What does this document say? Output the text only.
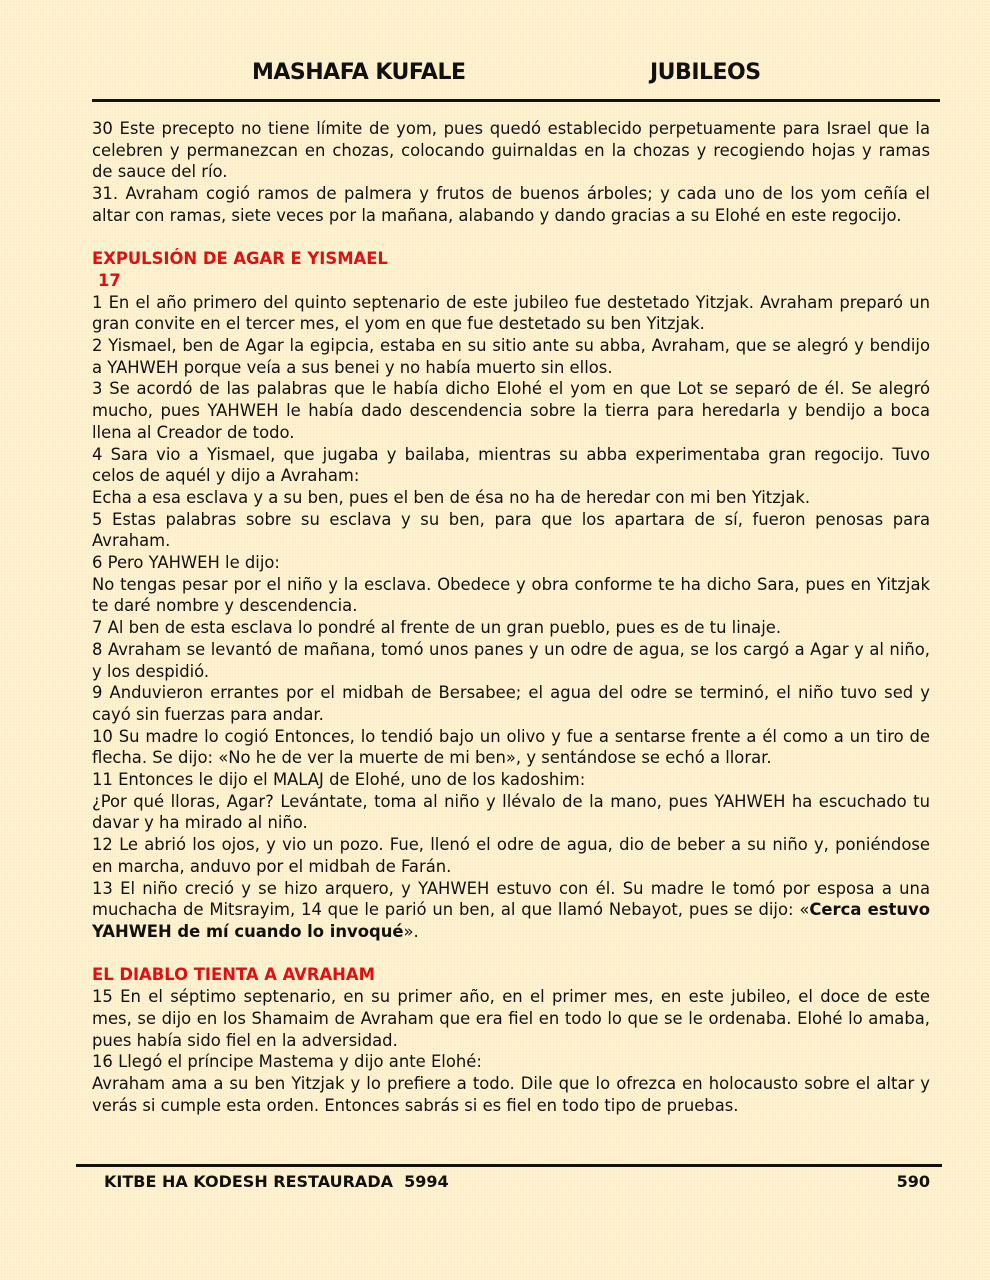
MASHAFA KUFALE	JUBILEOS

30 Este precepto no tiene límite de yom, pues quedó establecido perpetuamente para Israel que la celebren y permanezcan en chozas, colocando guirnaldas en la chozas y recogiendo hojas y ramas de sauce del río.

31. Avraham cogió ramos de palmera y frutos de buenos árboles; y cada uno de los yom ceñía el altar con ramas, siete veces por la mañana, alabando y dando gracias a su Elohé en este regocijo.

EXPULSIÓN DE AGAR E YISMAEL

17

1 En el año primero del quinto septenario de este jubileo fue destetado Yitzjak. Avraham preparó un gran convite en el tercer mes, el yom en que fue destetado su ben Yitzjak.

2 Yismael, ben de Agar la egipcia, estaba en su sitio ante su abba, Avraham, que se alegró y bendijo a YAHWEH porque veía a sus benei y no había muerto sin ellos.

3 Se acordó de las palabras que le había dicho Elohé el yom en que Lot se separó de él. Se alegró mucho, pues YAHWEH le había dado descendencia sobre la tierra para heredarla y bendijo a boca llena al Creador de todo.

4 Sara vio a Yismael, que jugaba y bailaba, mientras su abba experimentaba gran regocijo. Tuvo celos de aquél y dijo a Avraham:

Echa a esa esclava y a su ben, pues el ben de ésa no ha de heredar con mi ben Yitzjak.

5 Estas palabras sobre su esclava y su ben, para que los apartara de sí, fueron penosas para Avraham.

6 Pero YAHWEH le dijo:

No tengas pesar por el niño y la esclava. Obedece y obra conforme te ha dicho Sara, pues en Yitzjak te daré nombre y descendencia.

7 Al ben de esta esclava lo pondré al frente de un gran pueblo, pues es de tu linaje.

8 Avraham se levantó de mañana, tomó unos panes y un odre de agua, se los cargó a Agar y al niño, y los despidió.

9 Anduvieron errantes por el midbah de Bersabee; el agua del odre se terminó, el niño tuvo sed y cayó sin fuerzas para andar.

10 Su madre lo cogió Entonces, lo tendió bajo un olivo y fue a sentarse frente a él como a un tiro de flecha. Se dijo: «No he de ver la muerte de mi ben», y sentándose se echó a llorar.

11 Entonces le dijo el MALAJ de Elohé, uno de los kadoshim:

¿Por qué lloras, Agar? Levántate, toma al niño y llévalo de la mano, pues YAHWEH ha escuchado tu davar y ha mirado al niño.

12 Le abrió los ojos, y vio un pozo. Fue, llenó el odre de agua, dio de beber a su niño y, poniéndose en marcha, anduvo por el midbah de Farán.

13 El niño creció y se hizo arquero, y YAHWEH estuvo con él. Su madre le tomó por esposa a una muchacha de Mitsrayim, 14 que le parió un ben, al que llamó Nebayot, pues se dijo: «Cerca estuvo YAHWEH de mí cuando lo invoqué».

EL DIABLO TIENTA A AVRAHAM

15 En el séptimo septenario, en su primer año, en el primer mes, en este jubileo, el doce de este mes, se dijo en los Shamaim de Avraham que era fiel en todo lo que se le ordenaba. Elohé lo amaba, pues había sido fiel en la adversidad.

16 Llegó el príncipe Mastema y dijo ante Elohé:

Avraham ama a su ben Yitzjak y lo prefiere a todo. Dile que lo ofrezca en holocausto sobre el altar y verás si cumple esta orden. Entonces sabrás si es fiel en todo tipo de pruebas.

KITBE HA KODESH RESTAURADA  5994	590
